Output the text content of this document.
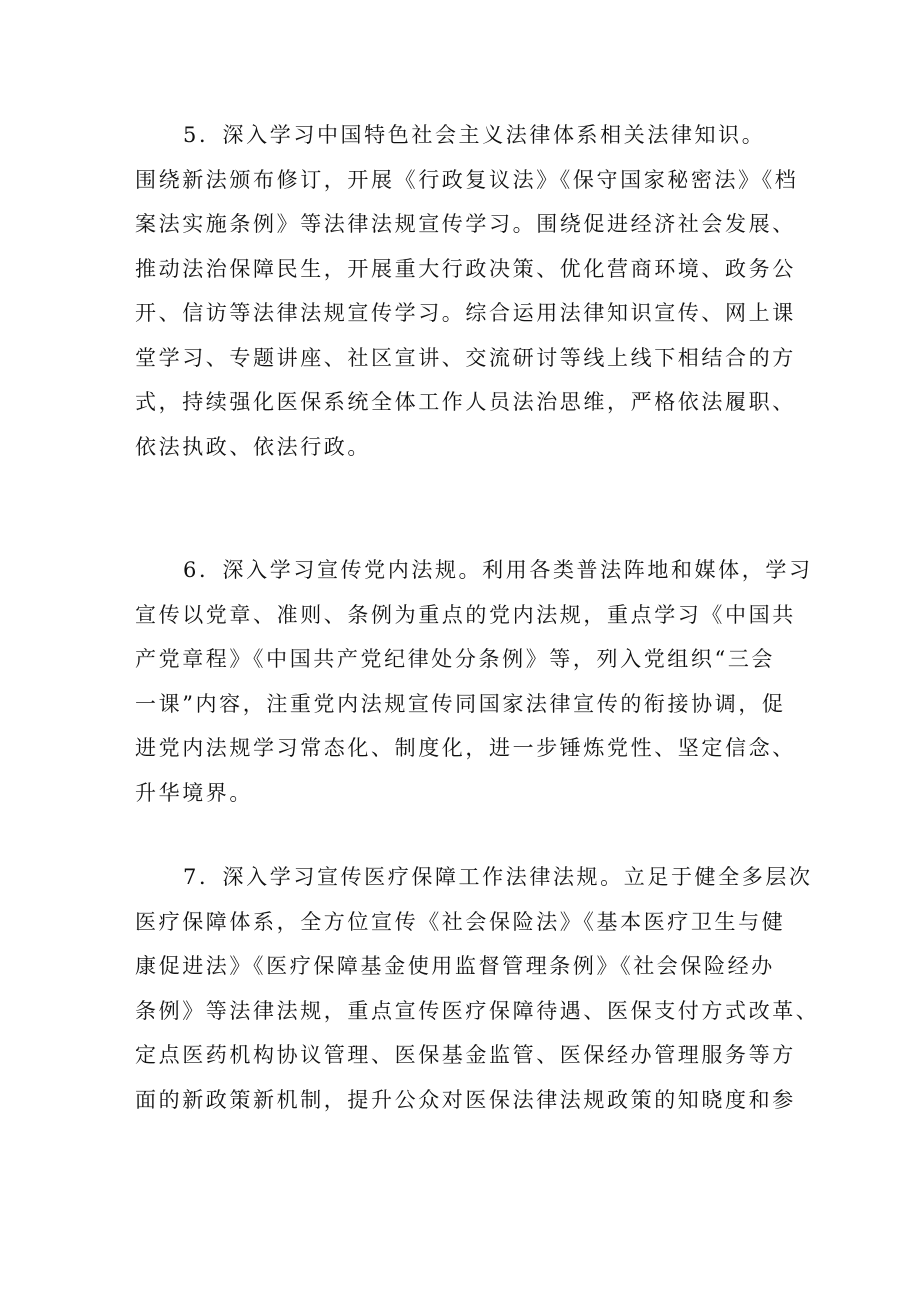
5．深入学习中国特色社会主义法律体系相关法律知识。
围绕新法颁布修订，开展《行政复议法》《保守国家秘密法》《档
案法实施条例》等法律法规宣传学习。围绕促进经济社会发展、
推动法治保障民生，开展重大行政决策、优化营商环境、政务公
开、信访等法律法规宣传学习。综合运用法律知识宣传、网上课
堂学习、专题讲座、社区宣讲、交流研讨等线上线下相结合的方
式，持续强化医保系统全体工作人员法治思维，严格依法履职、
依法执政、依法行政。
6．深入学习宣传党内法规。利用各类普法阵地和媒体，学习
宣传以党章、准则、条例为重点的党内法规，重点学习《中国共
产党章程》《中国共产党纪律处分条例》等，列入党组织“三会
一课”内容，注重党内法规宣传同国家法律宣传的衔接协调，促
进党内法规学习常态化、制度化，进一步锤炼党性、坚定信念、
升华境界。
7．深入学习宣传医疗保障工作法律法规。立足于健全多层次
医疗保障体系，全方位宣传《社会保险法》《基本医疗卫生与健
康促进法》《医疗保障基金使用监督管理条例》《社会保险经办
条例》等法律法规，重点宣传医疗保障待遇、医保支付方式改革、
定点医药机构协议管理、医保基金监管、医保经办管理服务等方
面的新政策新机制，提升公众对医保法律法规政策的知晓度和参
